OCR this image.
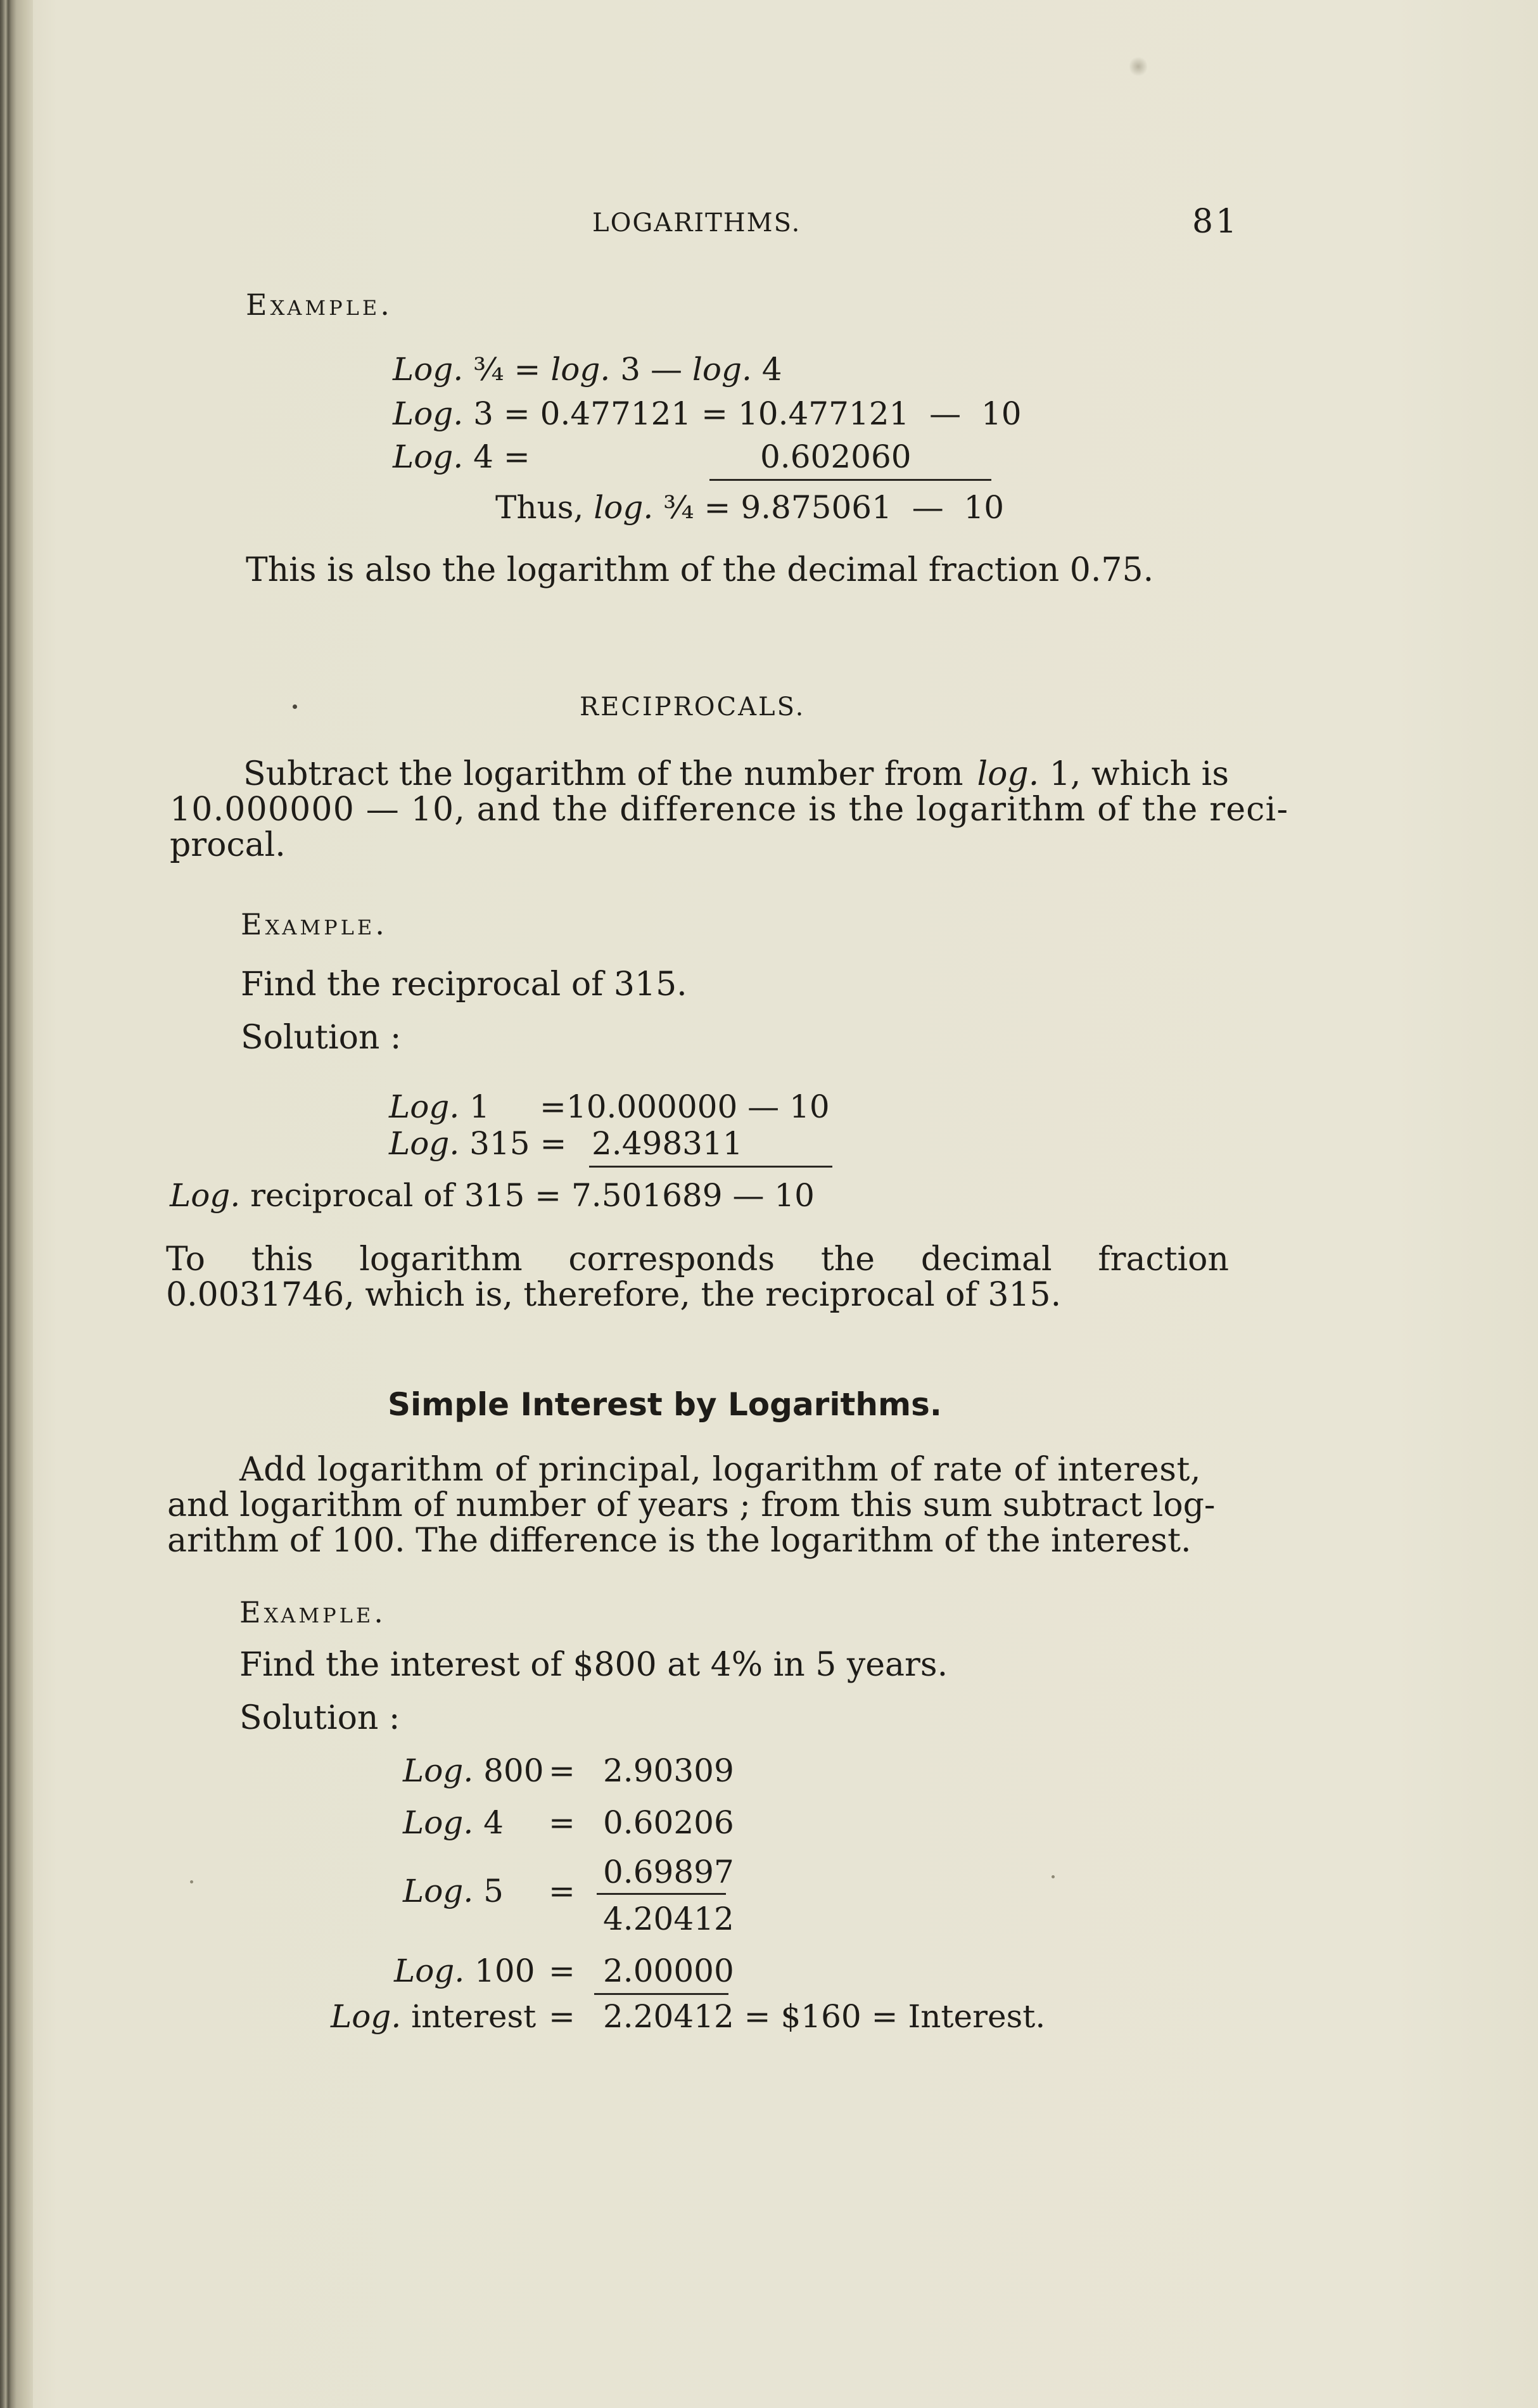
LOGARITHMS.	81
Example.
Log. ¾ = log. 3 — log. 4
Log. 3 = 0.477121 = 10.477121 — 10
Log. 4 =	0.602060
Thus, log. ¾ = 9.875061 — 10
This is also the logarithm of the decimal fraction 0.75.
RECIPROCALS.
Subtract the logarithm of the number from log. 1, which is
10.000000 — 10, and the difference is the logarithm of the reci-
procal.
Example.
Find the reciprocal of 315.
Solution :
Log. 1 =10.000000 — 10
Log. 315 = 2.498311
Log. reciprocal of 315 = 7.501689 — 10
To this logarithm corresponds the decimal fraction
0.0031746, which is, therefore, the reciprocal of 315.
Simple Interest by Logarithms.
Add logarithm of principal, logarithm of rate of interest,
and logarithm of number of years ; from this sum subtract log-
arithm of 100. The difference is the logarithm of the interest.
Example.
Find the interest of $800 at 4% in 5 years.
Solution :
Log. 800 = 2.90309
Log. 4 = 0.60206
Log. 5 =
0.69897
4.20412
Log. 100 = 2.00000
Log. interest = 2.20412 = $160 = Interest.
